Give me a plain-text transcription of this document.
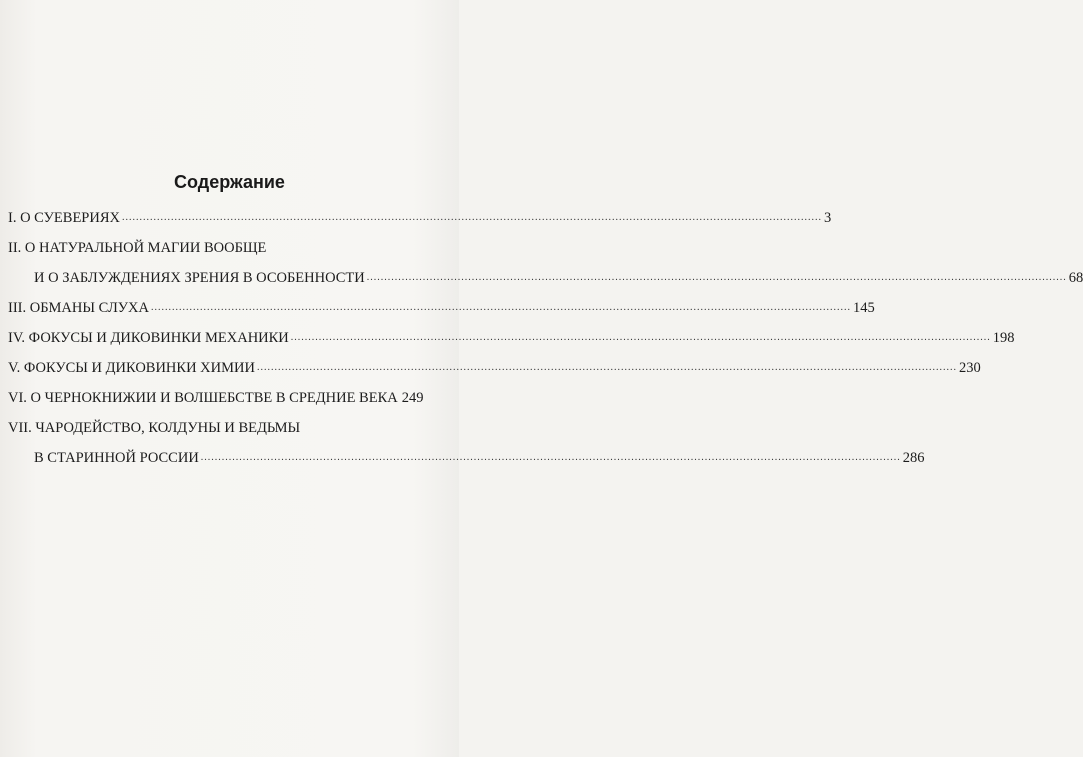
Содержание
I. О СУЕВЕРИЯХ ........................................................................................................................................................................................................ 3
II. О НАТУРАЛЬНОЙ МАГИИ ВООБЩЕ
И О ЗАБЛУЖДЕНИЯХ ЗРЕНИЯ В ОСОБЕННОСТИ ........................................................................................................................................................................................................ 68
III. ОБМАНЫ СЛУХА ........................................................................................................................................................................................................ 145
IV. ФОКУСЫ И ДИКОВИНКИ МЕХАНИКИ ........................................................................................................................................................................................................ 198
V. ФОКУСЫ И ДИКОВИНКИ ХИМИИ ........................................................................................................................................................................................................ 230
VI. О ЧЕРНОКНИЖИИ И ВОЛШЕБСТВЕ В СРЕДНИЕ ВЕКА 249
VII. ЧАРОДЕЙСТВО, КОЛДУНЫ И ВЕДЬМЫ
В СТАРИННОЙ РОССИИ ........................................................................................................................................................................................................ 286
